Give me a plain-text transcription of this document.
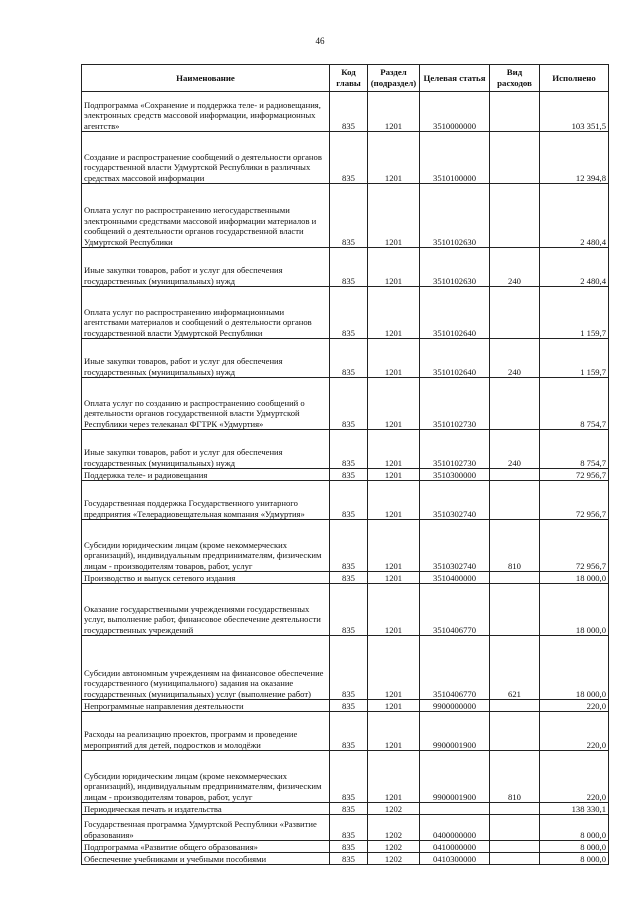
46
Наименование	Код главы	Раздел (подраздел)	Целевая статья	Вид расходов	Исполнено
Подпрограмма «Сохранение и поддержка теле- и радиовещания, электронных средств массовой информации, информационных агентств»	835	1201	3510000000		103 351,5
Создание и распространение сообщений о деятельности органов государственной власти Удмуртской Республики в различных средствах массовой информации	835	1201	3510100000		12 394,8
Оплата услуг по распространению негосударственными электронными средствами массовой информации материалов и сообщений о деятельности органов государственной власти Удмуртской Республики	835	1201	3510102630		2 480,4
Иные закупки товаров, работ и услуг для обеспечения государственных (муниципальных) нужд	835	1201	3510102630	240	2 480,4
Оплата услуг по распространению информационными агентствами материалов и сообщений о деятельности органов государственной власти Удмуртской Республики	835	1201	3510102640		1 159,7
Иные закупки товаров, работ и услуг для обеспечения государственных (муниципальных) нужд	835	1201	3510102640	240	1 159,7
Оплата услуг по созданию и распространению сообщений о деятельности органов государственной власти Удмуртской Республики через телеканал ФГТРК «Удмуртия»	835	1201	3510102730		8 754,7
Иные закупки товаров, работ и услуг для обеспечения государственных (муниципальных) нужд	835	1201	3510102730	240	8 754,7
Поддержка теле- и радиовещания	835	1201	3510300000		72 956,7
Государственная поддержка Государственного унитарного предприятия «Телерадиовещательная компания «Удмуртия»	835	1201	3510302740		72 956,7
Субсидии юридическим лицам (кроме некоммерческих организаций), индивидуальным предпринимателям, физическим лицам - производителям товаров, работ, услуг	835	1201	3510302740	810	72 956,7
Производство и выпуск сетевого издания	835	1201	3510400000		18 000,0
Оказание государственными учреждениями государственных услуг, выполнение работ, финансовое обеспечение деятельности государственных учреждений	835	1201	3510406770		18 000,0
Субсидии автономным учреждениям на финансовое обеспечение государственного (муниципального) задания на оказание государственных (муниципальных) услуг (выполнение работ)	835	1201	3510406770	621	18 000,0
Непрограммные направления деятельности	835	1201	9900000000		220,0
Расходы на реализацию проектов, программ и проведение мероприятий для детей, подростков и молодёжи	835	1201	9900001900		220,0
Субсидии юридическим лицам (кроме некоммерческих организаций), индивидуальным предпринимателям, физическим лицам - производителям товаров, работ, услуг	835	1201	9900001900	810	220,0
Периодическая печать и издательства	835	1202			138 330,1
Государственная программа Удмуртской Республики «Развитие образования»	835	1202	0400000000		8 000,0
Подпрограмма «Развитие общего образования»	835	1202	0410000000		8 000,0
Обеспечение учебниками и учебными пособиями	835	1202	0410300000		8 000,0
